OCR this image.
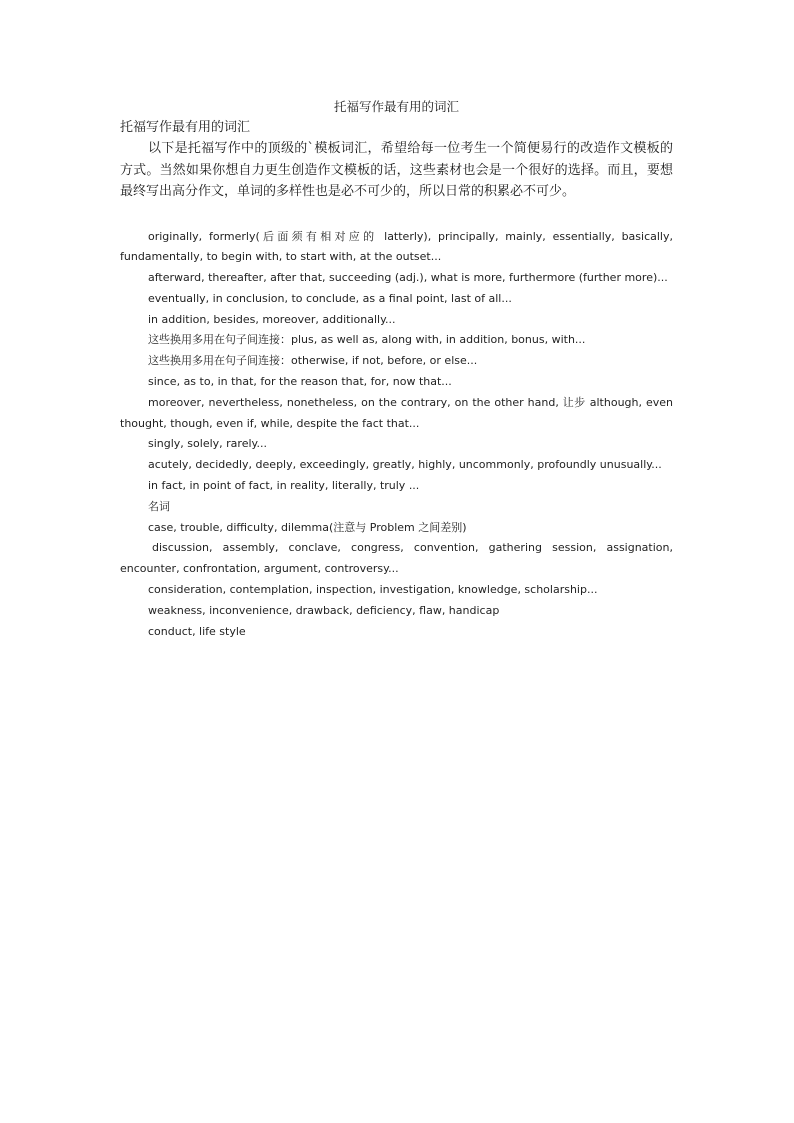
托福写作最有用的词汇
托福写作最有用的词汇

以下是托福写作中的顶级的`模板词汇，希望给每一位考生一个简便易行的改造作文模板的方式。当然如果你想自力更生创造作文模板的话，这些素材也会是一个很好的选择。而且，要想最终写出高分作文，单词的多样性也是必不可少的，所以日常的积累必不可少。

originally, formerly(后面须有相对应的 latterly), principally, mainly, essentially, basically, fundamentally, to begin with, to start with, at the outset...

afterward, thereafter, after that, succeeding (adj.), what is more, furthermore (further more)...

eventually, in conclusion, to conclude, as a final point, last of all...

in addition, besides, moreover, additionally...

这些换用多用在句子间连接：plus, as well as, along with, in addition, bonus, with...

这些换用多用在句子间连接：otherwise, if not, before, or else...

since, as to, in that, for the reason that, for, now that...

moreover, nevertheless, nonetheless, on the contrary, on the other hand, 让步 although, even thought, though, even if, while, despite the fact that...

singly, solely, rarely...

acutely, decidedly, deeply, exceedingly, greatly, highly, uncommonly, profoundly unusually...

in fact, in point of fact, in reality, literally, truly ...

名词

case, trouble, difficulty, dilemma(注意与 Problem 之间差别)

discussion, assembly, conclave, congress, convention, gathering session, assignation, encounter, confrontation, argument, controversy...

consideration, contemplation, inspection, investigation, knowledge, scholarship...

weakness, inconvenience, drawback, deficiency, flaw, handicap

conduct, life style
